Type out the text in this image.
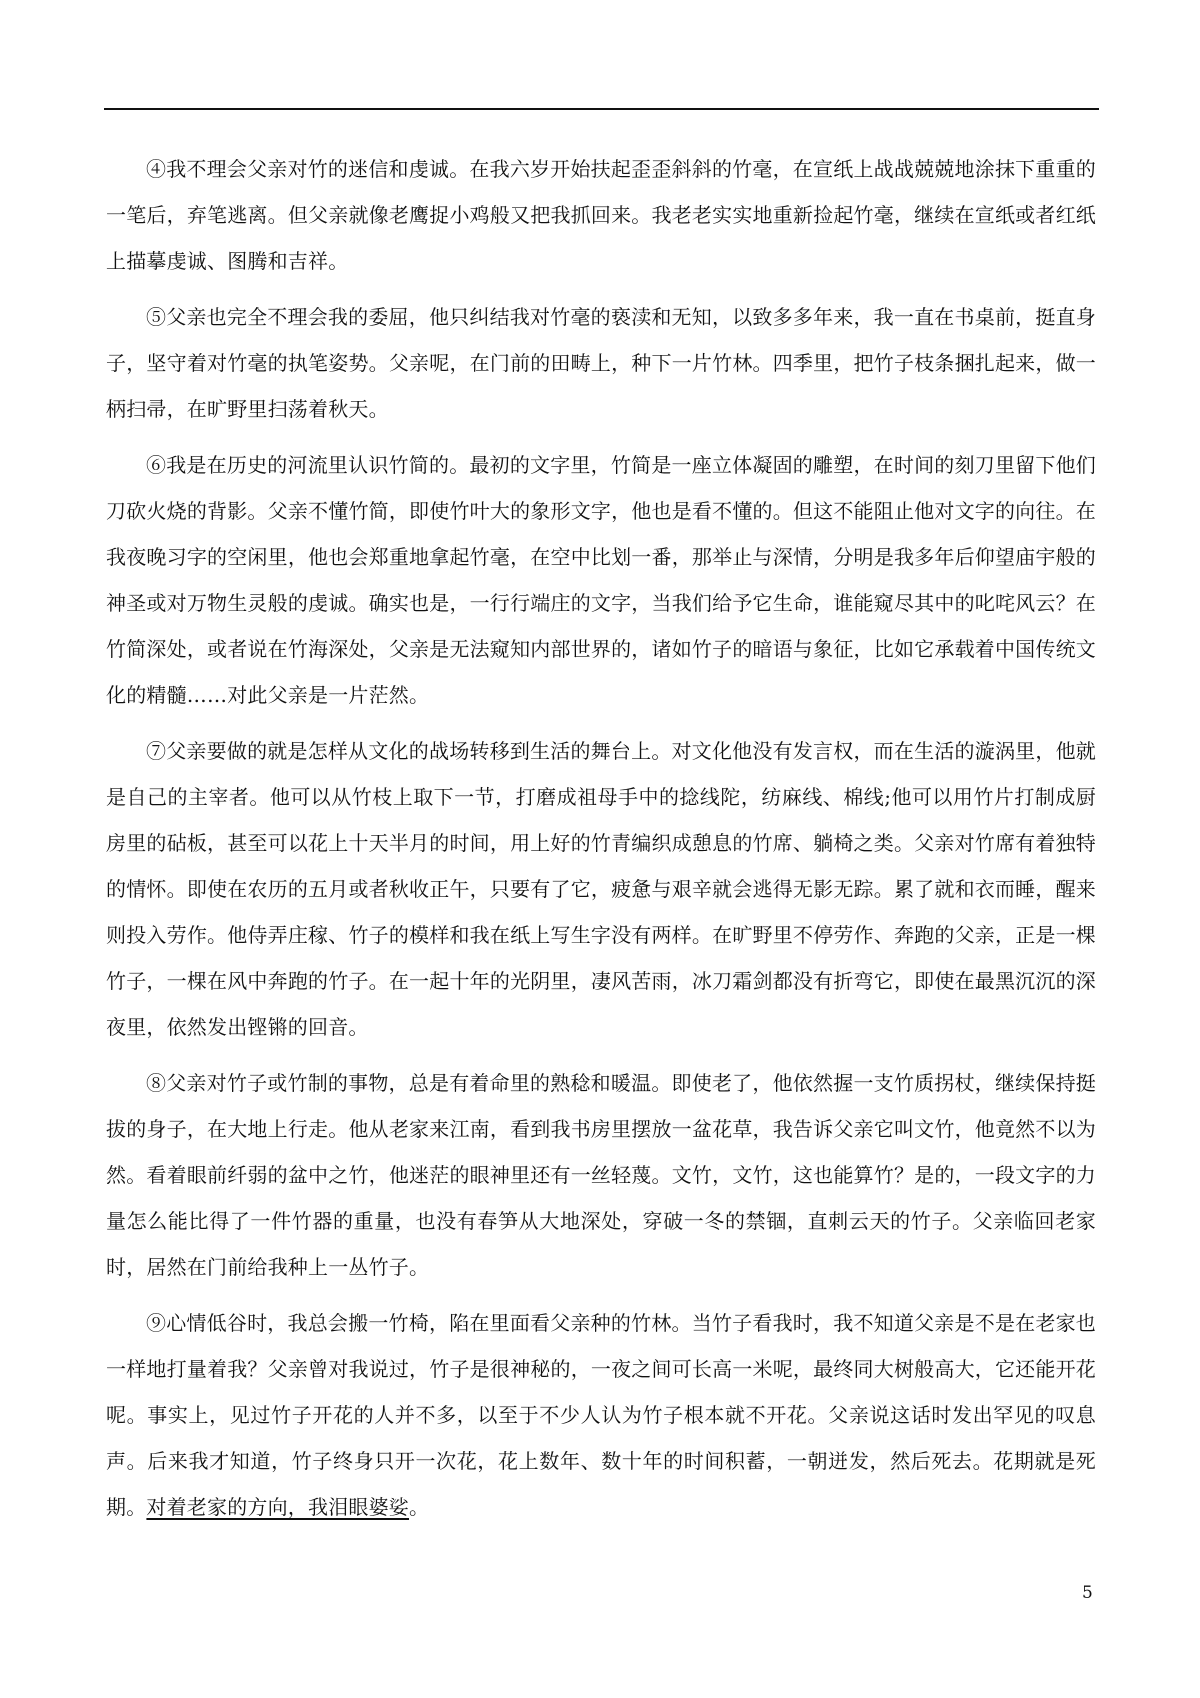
④我不理会父亲对竹的迷信和虔诚。在我六岁开始扶起歪歪斜斜的竹毫，在宣纸上战战兢兢地涂抹下重重的一笔后，弃笔逃离。但父亲就像老鹰捉小鸡般又把我抓回来。我老老实实地重新捡起竹毫，继续在宣纸或者红纸上描摹虔诚、图腾和吉祥。

⑤父亲也完全不理会我的委屈，他只纠结我对竹毫的亵渎和无知，以致多多年来，我一直在书桌前，挺直身子，坚守着对竹毫的执笔姿势。父亲呢，在门前的田畴上，种下一片竹林。四季里，把竹子枝条捆扎起来，做一柄扫帚，在旷野里扫荡着秋天。

⑥我是在历史的河流里认识竹简的。最初的文字里，竹简是一座立体凝固的雕塑，在时间的刻刀里留下他们刀砍火烧的背影。父亲不懂竹简，即使竹叶大的象形文字，他也是看不懂的。但这不能阻止他对文字的向往。在我夜晚习字的空闲里，他也会郑重地拿起竹毫，在空中比划一番，那举止与深情，分明是我多年后仰望庙宇般的神圣或对万物生灵般的虔诚。确实也是，一行行端庄的文字，当我们给予它生命，谁能窥尽其中的叱咤风云？在竹简深处，或者说在竹海深处，父亲是无法窥知内部世界的，诸如竹子的暗语与象征，比如它承载着中国传统文化的精髓……对此父亲是一片茫然。

⑦父亲要做的就是怎样从文化的战场转移到生活的舞台上。对文化他没有发言权，而在生活的漩涡里，他就是自己的主宰者。他可以从竹枝上取下一节，打磨成祖母手中的捻线陀，纺麻线、棉线;他可以用竹片打制成厨房里的砧板，甚至可以花上十天半月的时间，用上好的竹青编织成憩息的竹席、躺椅之类。父亲对竹席有着独特的情怀。即使在农历的五月或者秋收正午，只要有了它，疲惫与艰辛就会逃得无影无踪。累了就和衣而睡，醒来则投入劳作。他侍弄庄稼、竹子的模样和我在纸上写生字没有两样。在旷野里不停劳作、奔跑的父亲，正是一棵竹子，一棵在风中奔跑的竹子。在一起十年的光阴里，凄风苦雨，冰刀霜剑都没有折弯它，即使在最黑沉沉的深夜里，依然发出铿锵的回音。

⑧父亲对竹子或竹制的事物，总是有着命里的熟稔和暖温。即使老了，他依然握一支竹质拐杖，继续保持挺拔的身子，在大地上行走。他从老家来江南，看到我书房里摆放一盆花草，我告诉父亲它叫文竹，他竟然不以为然。看着眼前纤弱的盆中之竹，他迷茫的眼神里还有一丝轻蔑。文竹，文竹，这也能算竹？是的，一段文字的力量怎么能比得了一件竹器的重量，也没有春笋从大地深处，穿破一冬的禁锢，直刺云天的竹子。父亲临回老家时，居然在门前给我种上一丛竹子。

⑨心情低谷时，我总会搬一竹椅，陷在里面看父亲种的竹林。当竹子看我时，我不知道父亲是不是在老家也一样地打量着我？父亲曾对我说过，竹子是很神秘的，一夜之间可长高一米呢，最终同大树般高大，它还能开花呢。事实上，见过竹子开花的人并不多，以至于不少人认为竹子根本就不开花。父亲说这话时发出罕见的叹息声。后来我才知道，竹子终身只开一次花，花上数年、数十年的时间积蓄，一朝迸发，然后死去。花期就是死期。对着老家的方向，我泪眼婆娑。

5
